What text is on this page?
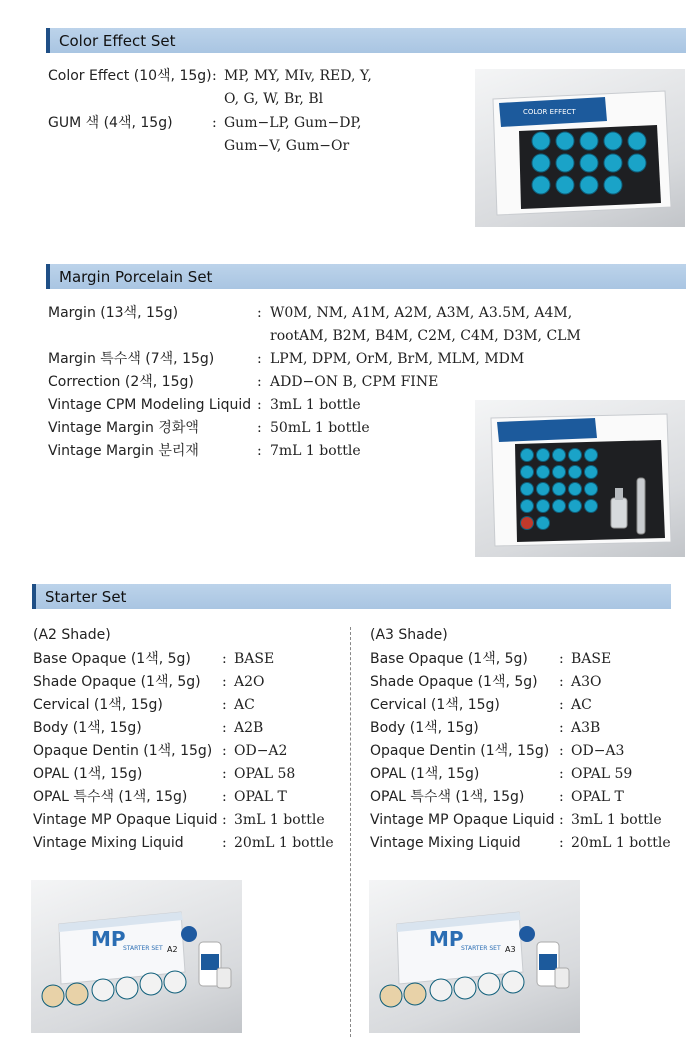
Color Effect Set
Color Effect (10색, 15g) : MP, MY, MIv, RED, Y,
O, G, W, Br, Bl
GUM 색 (4색, 15g)	: Gum−LP, Gum−DP,
Gum−V, Gum−Or
COLOR EFFECT
Margin Porcelain Set
Margin (13색, 15g)	: W0M, NM, A1M, A2M, A3M, A3.5M, A4M,
rootAM, B2M, B4M, C2M, C4M, D3M, CLM
Margin 특수색 (7색, 15g)	: LPM, DPM, OrM, BrM, MLM, MDM
Correction (2색, 15g)	: ADD−ON B, CPM FINE
Vintage CPM Modeling Liquid : 3mL 1 bottle
Vintage Margin 경화액	: 50mL 1 bottle
Vintage Margin 분리재	: 7mL 1 bottle
Starter Set
(A2 Shade)
Base Opaque (1색, 5g) : BASE
Shade Opaque (1색, 5g) : A2O
Cervical (1색, 15g)	: AC
Body (1색, 15g)	: A2B
Opaque Dentin (1색, 15g) : OD−A2
OPAL (1색, 15g)	: OPAL 58
OPAL 특수색 (1색, 15g) : OPAL T
Vintage MP Opaque Liquid : 3mL 1 bottle
Vintage Mixing Liquid	: 20mL 1 bottle
(A3 Shade)
Base Opaque (1색, 5g) : BASE
Shade Opaque (1색, 5g) : A3O
Cervical (1색, 15g)	: AC
Body (1색, 15g)	: A3B
Opaque Dentin (1색, 15g) : OD−A3
OPAL (1색, 15g)	: OPAL 59
OPAL 특수색 (1색, 15g) : OPAL T
Vintage MP Opaque Liquid : 3mL 1 bottle
Vintage Mixing Liquid	: 20mL 1 bottle
MP
STARTER SET A2	MP
STARTER SET A3
